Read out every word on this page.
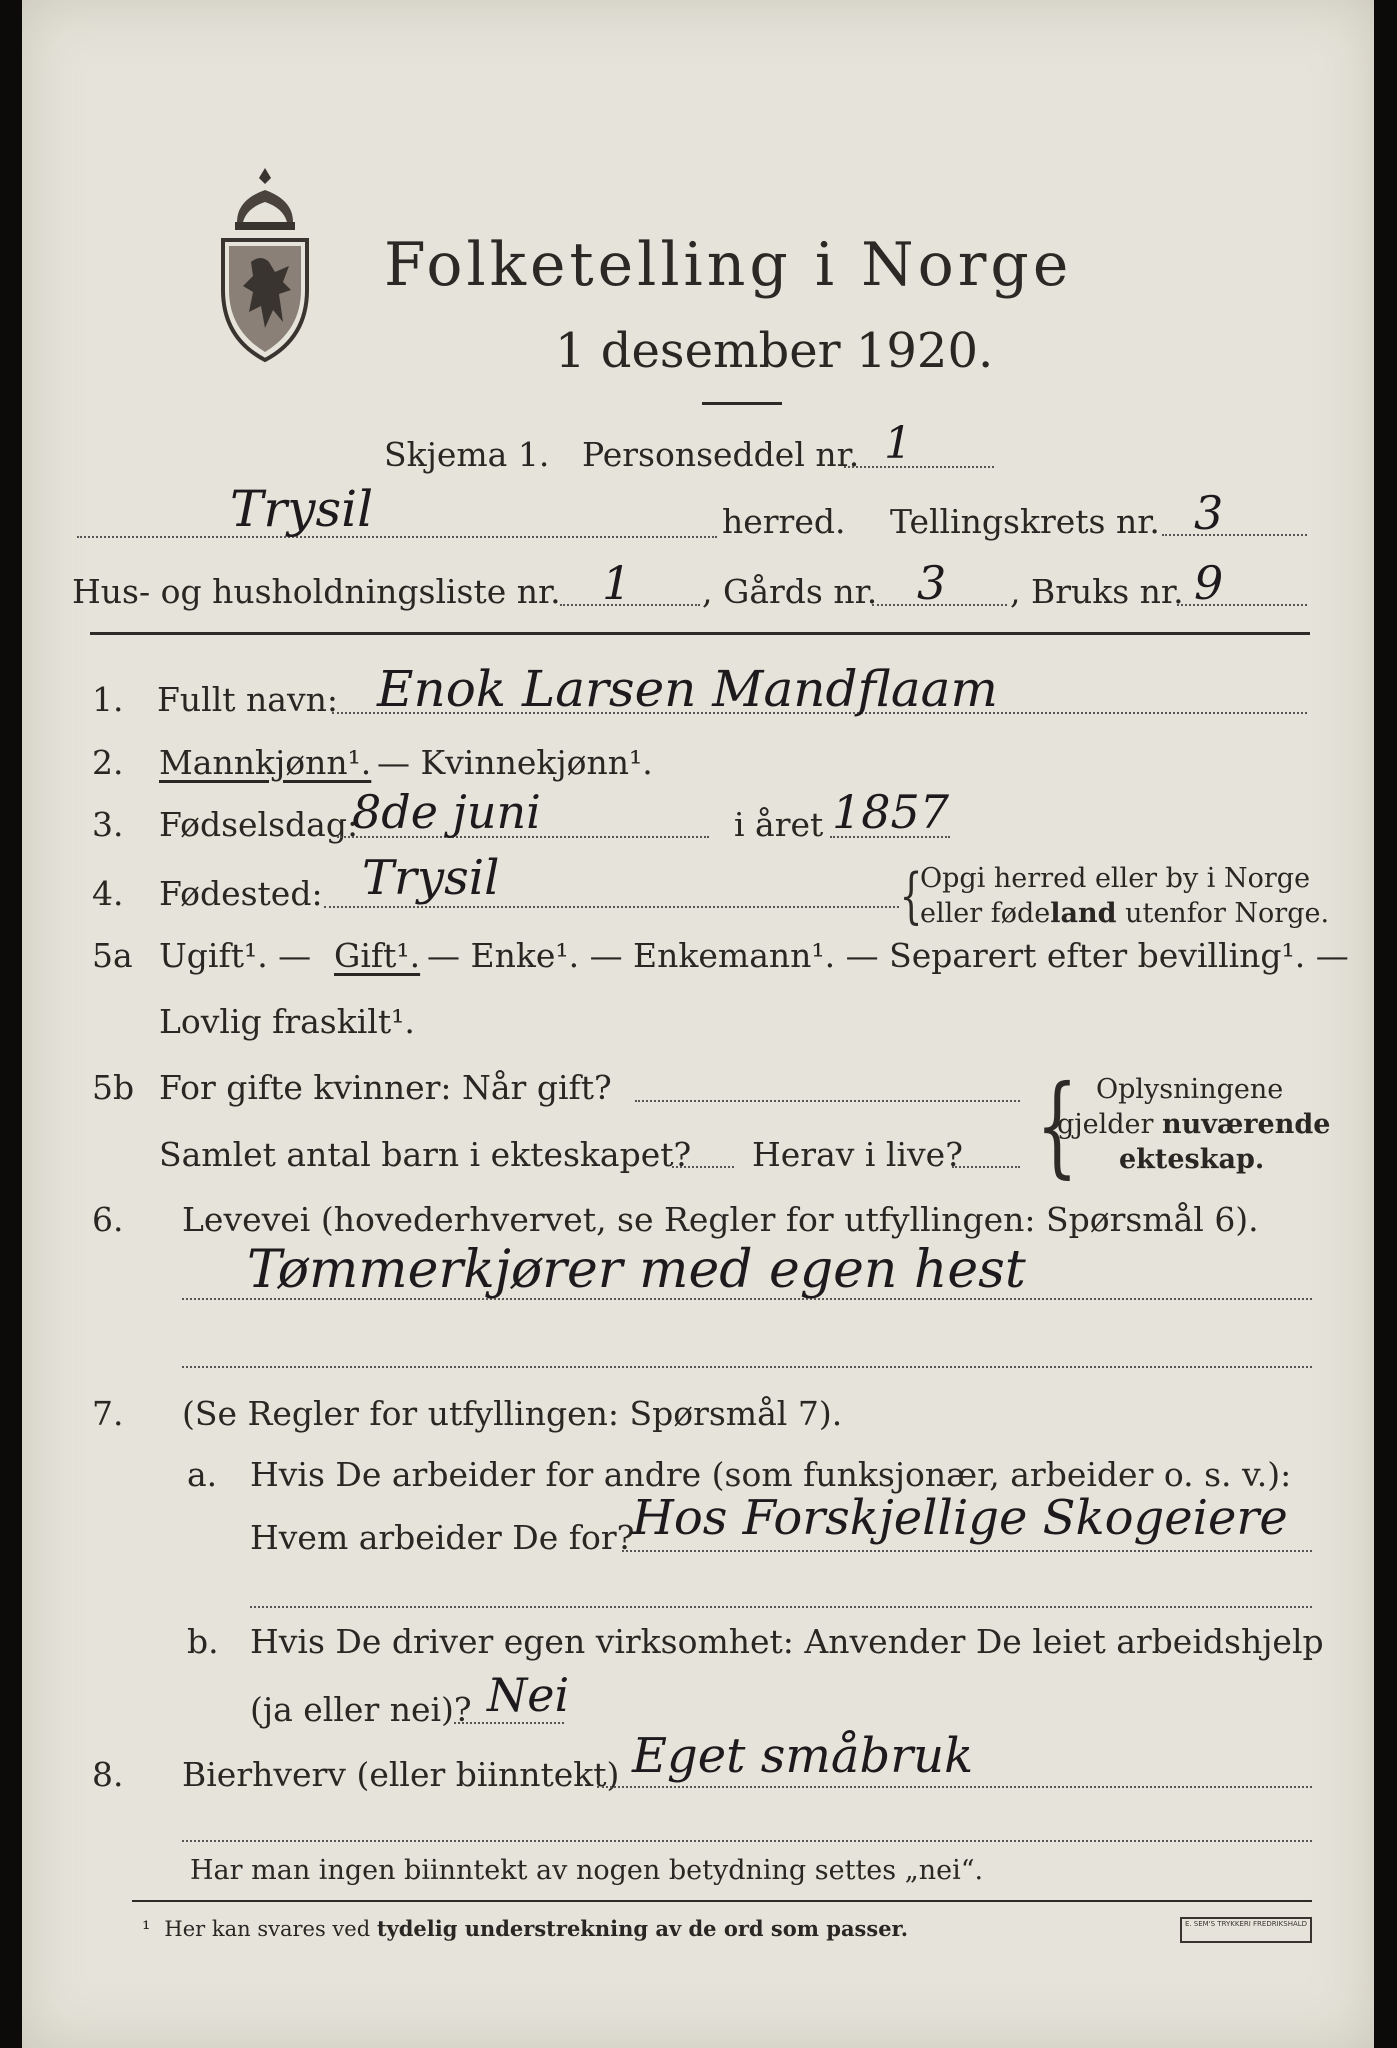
Folketelling i Norge
1 desember 1920.
Skjema 1. Personseddel nr. 1
Trysil	herred. Tellingskrets nr. 3
Hus- og husholdningsliste nr. 1 , Gårds nr. 3 , Bruks nr. 9
1. Fullt navn: Enok Larsen Mandflaam
2. Mannkjønn¹. — Kvinnekjønn¹.
3. Fødselsdag:
8de juni	i året 1857
4. Fødested: Trysil	{
Opgi herred eller by i Norge
eller fødeland utenfor Norge.
5a Ugift¹. — Gift¹. — Enke¹. — Enkemann¹. — Separert efter bevilling¹. —
Lovlig fraskilt¹.
5b For gifte kvinner: Når gift?
Samlet antal barn i ekteskapet? Herav i live? { Oplysningene
gjelder nuværende
ekteskap.
6. Levevei (hovederhvervet, se Regler for utfyllingen: Spørsmål 6).
Tømmerkjører med egen hest
7. (Se Regler for utfyllingen: Spørsmål 7).
a. Hvis De arbeider for andre (som funksjonær, arbeider o. s. v.):
Hvem arbeider De for?
Hos Forskjellige Skogeiere
b. Hvis De driver egen virksomhet: Anvender De leiet arbeidshjelp
(ja eller nei)? Nei
8. Bierhverv (eller biinntekt) Eget småbruk
Har man ingen biinntekt av nogen betydning settes „nei“.
¹ Her kan svares ved tydelig understrekning av de ord som passer.	E. SEM'S TRYKKERI FREDRIKSHALD
